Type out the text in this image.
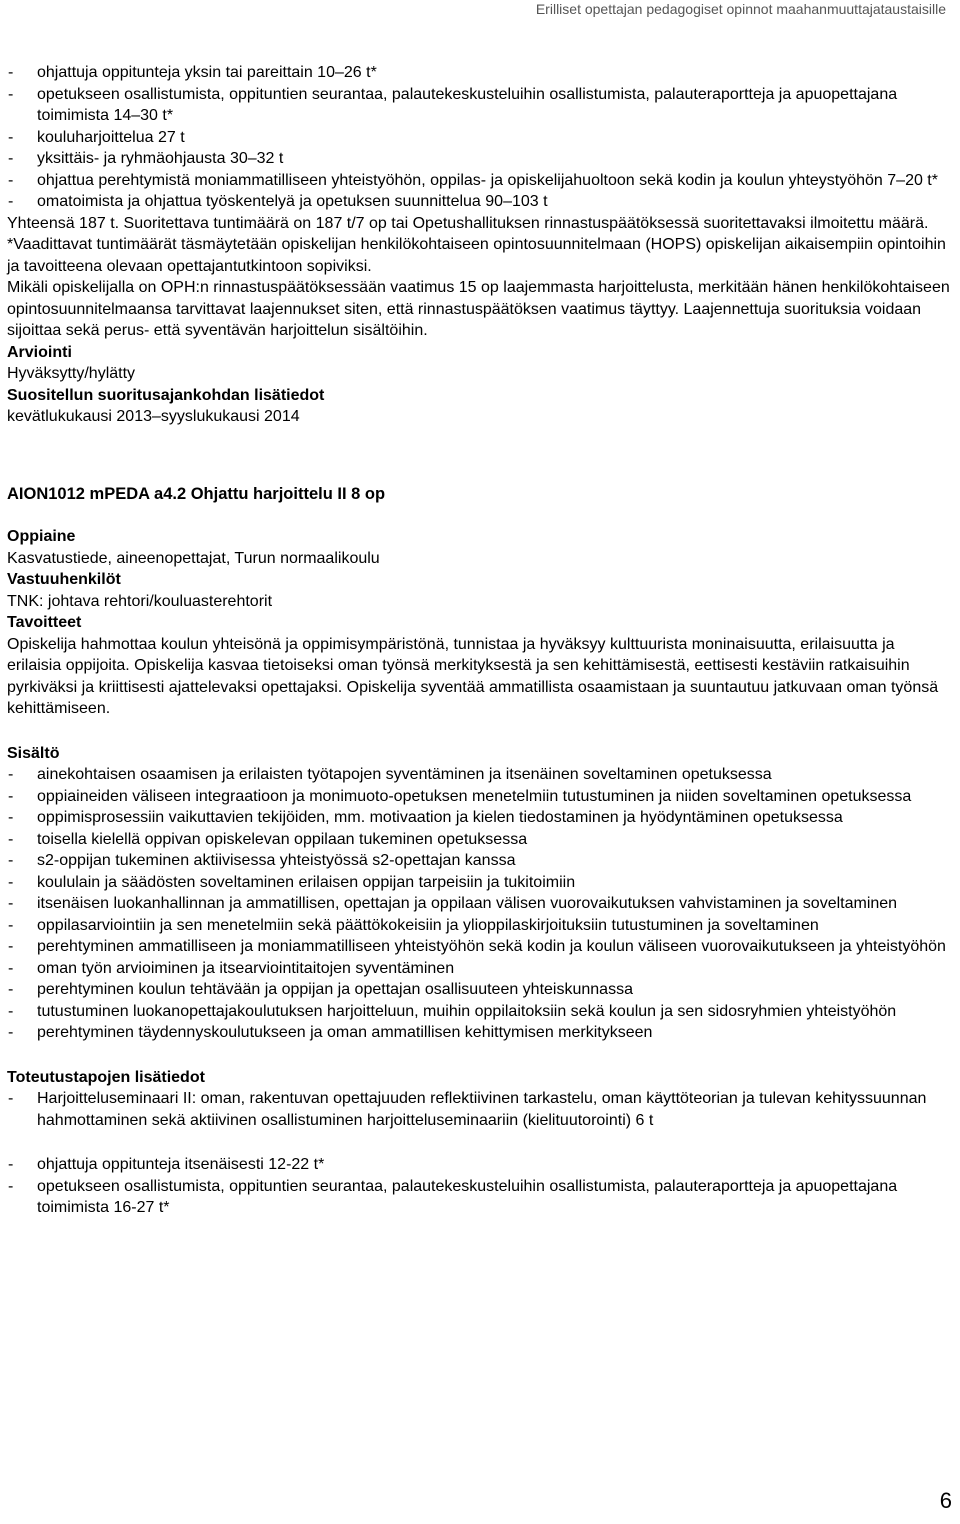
Erilliset opettajan pedagogiset opinnot maahanmuuttajataustaisille
- ohjattuja oppitunteja yksin tai pareittain 10–26 t*
- opetukseen osallistumista, oppituntien seurantaa, palautekeskusteluihin osallistumista, palauteraportteja ja apuopettajana toimimista 14–30 t*
- kouluharjoittelua 27 t
- yksittäis- ja ryhmäohjausta 30–32 t
- ohjattua perehtymistä moniammatilliseen yhteistyöhön, oppilas- ja opiskelijahuoltoon sekä kodin ja koulun yhteystyöhön 7–20 t*
- omatoimista ja ohjattua työskentelyä ja opetuksen suunnittelua 90–103 t

Yhteensä 187 t. Suoritettava tuntimäärä on 187 t/7 op tai Opetushallituksen rinnastuspäätöksessä suoritettavaksi ilmoitettu määrä.

*Vaadittavat tuntimäärät täsmäytetään opiskelijan henkilökohtaiseen opintosuunnitelmaan (HOPS) opiskelijan aikaisempiin opintoihin ja tavoitteena olevaan opettajantutkintoon sopiviksi.

Mikäli opiskelijalla on OPH:n rinnastuspäätöksessään vaatimus 15 op laajemmasta harjoittelusta, merkitään hänen henkilökohtaiseen opintosuunnitelmaansa tarvittavat laajennukset siten, että rinnastuspäätöksen vaatimus täyttyy. Laajennettuja suorituksia voidaan sijoittaa sekä perus- että syventävän harjoittelun sisältöihin.

Arviointi

Hyväksytty/hylätty

Suositellun suoritusajankohdan lisätiedot

kevätlukukausi 2013–syyslukukausi 2014

AION1012 mPEDA a4.2 Ohjattu harjoittelu II 8 op

Oppiaine

Kasvatustiede, aineenopettajat, Turun normaalikoulu

Vastuuhenkilöt

TNK: johtava rehtori/kouluasterehtorit

Tavoitteet

Opiskelija hahmottaa koulun yhteisönä ja oppimisympäristönä, tunnistaa ja hyväksyy kulttuurista moninaisuutta, erilaisuutta ja erilaisia oppijoita. Opiskelija kasvaa tietoiseksi oman työnsä merkityksestä ja sen kehittämisestä, eettisesti kestäviin ratkaisuihin pyrkiväksi ja kriittisesti ajattelevaksi opettajaksi. Opiskelija syventää ammatillista osaamistaan ja suuntautuu jatkuvaan oman työnsä kehittämiseen.

Sisältö

- ainekohtaisen osaamisen ja erilaisten työtapojen syventäminen ja itsenäinen soveltaminen opetuksessa
- oppiaineiden väliseen integraatioon ja monimuoto-opetuksen menetelmiin tutustuminen ja niiden soveltaminen opetuksessa
- oppimisprosessiin vaikuttavien tekijöiden, mm. motivaation ja kielen tiedostaminen ja hyödyntäminen opetuksessa
- toisella kielellä oppivan opiskelevan oppilaan tukeminen opetuksessa
- s2-oppijan tukeminen aktiivisessa yhteistyössä s2-opettajan kanssa
- koululain ja säädösten soveltaminen erilaisen oppijan tarpeisiin ja tukitoimiin
- itsenäisen luokanhallinnan ja ammatillisen, opettajan ja oppilaan välisen vuorovaikutuksen vahvistaminen ja soveltaminen
- oppilasarviointiin ja sen menetelmiin sekä päättökokeisiin ja ylioppilaskirjoituksiin tutustuminen ja soveltaminen
- perehtyminen ammatilliseen ja moniammatilliseen yhteistyöhön sekä kodin ja koulun väliseen vuorovaikutukseen ja yhteistyöhön
- oman työn arvioiminen ja itsearviointitaitojen syventäminen
- perehtyminen koulun tehtävään ja oppijan ja opettajan osallisuuteen yhteiskunnassa
- tutustuminen luokanopettajakoulutuksen harjoitteluun, muihin oppilaitoksiin sekä koulun ja sen sidosryhmien yhteistyöhön
- perehtyminen täydennyskoulutukseen ja oman ammatillisen kehittymisen merkitykseen

Toteutustapojen lisätiedot

- Harjoitteluseminaari II: oman, rakentuvan opettajuuden reflektiivinen tarkastelu, oman käyttöteorian ja tulevan kehityssuunnan hahmottaminen sekä aktiivinen osallistuminen harjoitteluseminaariin (kielituutorointi) 6 t
- ohjattuja oppitunteja itsenäisesti 12-22 t*
- opetukseen osallistumista, oppituntien seurantaa, palautekeskusteluihin osallistumista, palauteraportteja ja apuopettajana toimimista 16-27 t*
6
